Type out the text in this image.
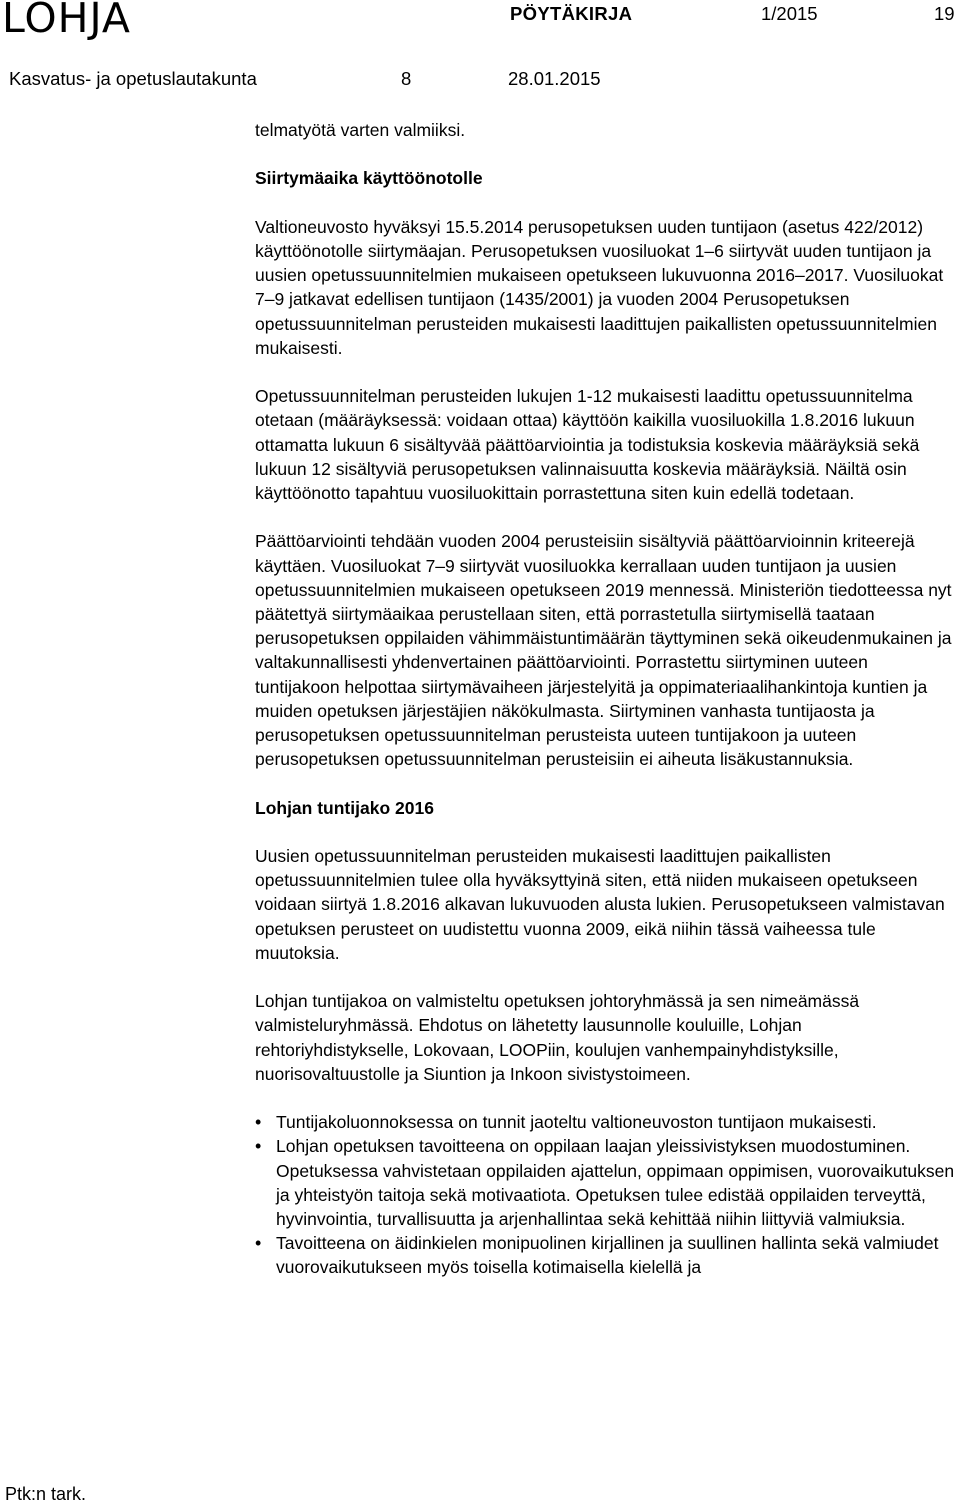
LOHJA	PÖYTÄKIRJA	1/2015	19
Kasvatus- ja opetuslautakunta	8	28.01.2015

telmatyötä varten valmiiksi.

Siirtymäaika käyttöönotolle

Valtioneuvosto hyväksyi 15.5.2014 perusopetuksen uuden tuntijaon (asetus 422/2012) käyttöönotolle siirtymäajan. Perusopetuksen vuosiluokat 1–6 siirtyvät uuden tuntijaon ja uusien opetussuunnitelmien mukaiseen opetukseen lukuvuonna 2016–2017. Vuosiluokat 7–9 jatkavat edellisen tuntijaon (1435/2001) ja vuoden 2004 Perusopetuksen opetussuunnitelman perusteiden mukaisesti laadittujen paikallisten opetussuunnitelmien mukaisesti.

Opetussuunnitelman perusteiden lukujen 1-12 mukaisesti laadittu opetussuunnitelma otetaan (määräyksessä: voidaan ottaa) käyttöön kaikilla vuosiluokilla 1.8.2016 lukuun ottamatta lukuun 6 sisältyvää päättöarviointia ja todistuksia koskevia määräyksiä sekä lukuun 12 sisältyviä perusopetuksen valinnaisuutta koskevia määräyksiä. Näiltä osin käyttöönotto tapahtuu vuosiluokittain porrastettuna siten kuin edellä todetaan.

Päättöarviointi tehdään vuoden 2004 perusteisiin sisältyviä päättöarvioinnin kriteerejä käyttäen. Vuosiluokat 7–9 siirtyvät vuosiluokka kerrallaan uuden tuntijaon ja uusien opetussuunnitelmien mukaiseen opetukseen 2019 mennessä. Ministeriön tiedotteessa nyt päätettyä siirtymäaikaa perustellaan siten, että porrastetulla siirtymisellä taataan perusopetuksen oppilaiden vähimmäistuntimäärän täyttyminen sekä oikeudenmukainen ja valtakunnallisesti yhdenvertainen päättöarviointi. Porrastettu siirtyminen uuteen tuntijakoon helpottaa siirtymävaiheen järjestelyitä ja oppimateriaalihankintoja kuntien ja muiden opetuksen järjestäjien näkökulmasta. Siirtyminen vanhasta tuntijaosta ja perusopetuksen opetussuunnitelman perusteista uuteen tuntijakoon ja uuteen perusopetuksen opetussuunnitelman perusteisiin ei aiheuta lisäkustannuksia.

Lohjan tuntijako 2016

Uusien opetussuunnitelman perusteiden mukaisesti laadittujen paikallisten opetussuunnitelmien tulee olla hyväksyttyinä siten, että niiden mukaiseen opetukseen voidaan siirtyä 1.8.2016 alkavan lukuvuoden alusta lukien. Perusopetukseen valmistavan opetuksen perusteet on uudistettu vuonna 2009, eikä niihin tässä vaiheessa tule muutoksia.

Lohjan tuntijakoa on valmisteltu opetuksen johtoryhmässä ja sen nimeämässä valmisteluryhmässä. Ehdotus on lähetetty lausunnolle kouluille, Lohjan rehtoriyhdistykselle, Lokovaan, LOOPiin, koulujen vanhempainyhdistyksille, nuorisovaltuustolle ja Siuntion ja Inkoon sivistystoimeen.

• Tuntijakoluonnoksessa on tunnit jaoteltu valtioneuvoston tuntijaon mukaisesti.
• Lohjan opetuksen tavoitteena on oppilaan laajan yleissivistyksen muodostuminen. Opetuksessa vahvistetaan oppilaiden ajattelun, oppimaan oppimisen, vuorovaikutuksen ja yhteistyön taitoja sekä motivaatiota. Opetuksen tulee edistää oppilaiden terveyttä, hyvinvointia, turvallisuutta ja arjenhallintaa sekä kehittää niihin liittyviä valmiuksia.
• Tavoitteena on äidinkielen monipuolinen kirjallinen ja suullinen hallinta sekä valmiudet vuorovaikutukseen myös toisella kotimaisella kielellä ja
Ptk:n tark.
